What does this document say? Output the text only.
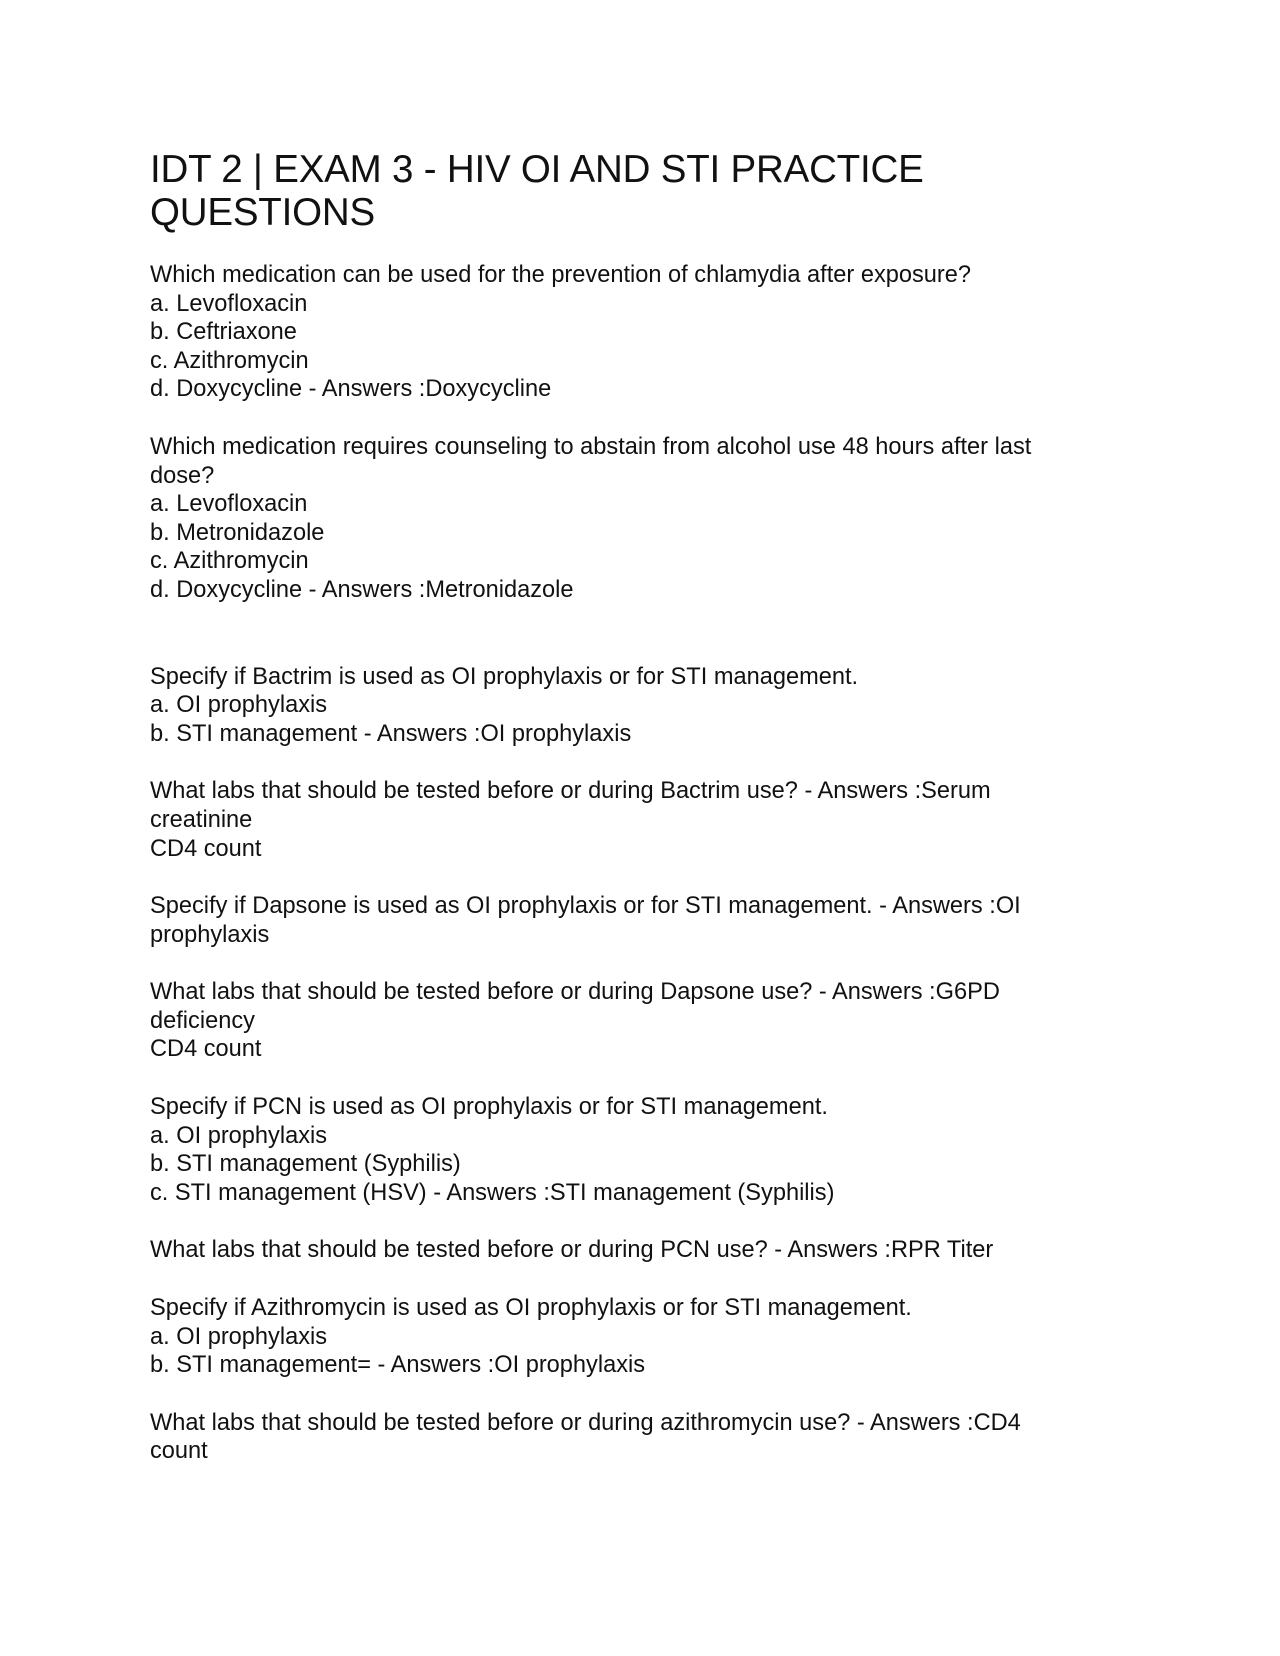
IDT 2 | EXAM 3 - HIV OI AND STI PRACTICE
QUESTIONS
Which medication can be used for the prevention of chlamydia after exposure?
a. Levofloxacin
b. Ceftriaxone
c. Azithromycin
d. Doxycycline - Answers :Doxycycline
Which medication requires counseling to abstain from alcohol use 48 hours after last
dose?
a. Levofloxacin
b. Metronidazole
c. Azithromycin
d. Doxycycline - Answers :Metronidazole
Specify if Bactrim is used as OI prophylaxis or for STI management.
a. OI prophylaxis
b. STI management - Answers :OI prophylaxis
What labs that should be tested before or during Bactrim use? - Answers :Serum
creatinine
CD4 count
Specify if Dapsone is used as OI prophylaxis or for STI management. - Answers :OI
prophylaxis
What labs that should be tested before or during Dapsone use? - Answers :G6PD
deficiency
CD4 count
Specify if PCN is used as OI prophylaxis or for STI management.
a. OI prophylaxis
b. STI management (Syphilis)
c. STI management (HSV) - Answers :STI management (Syphilis)
What labs that should be tested before or during PCN use? - Answers :RPR Titer
Specify if Azithromycin is used as OI prophylaxis or for STI management.
a. OI prophylaxis
b. STI management= - Answers :OI prophylaxis
What labs that should be tested before or during azithromycin use? - Answers :CD4
count
